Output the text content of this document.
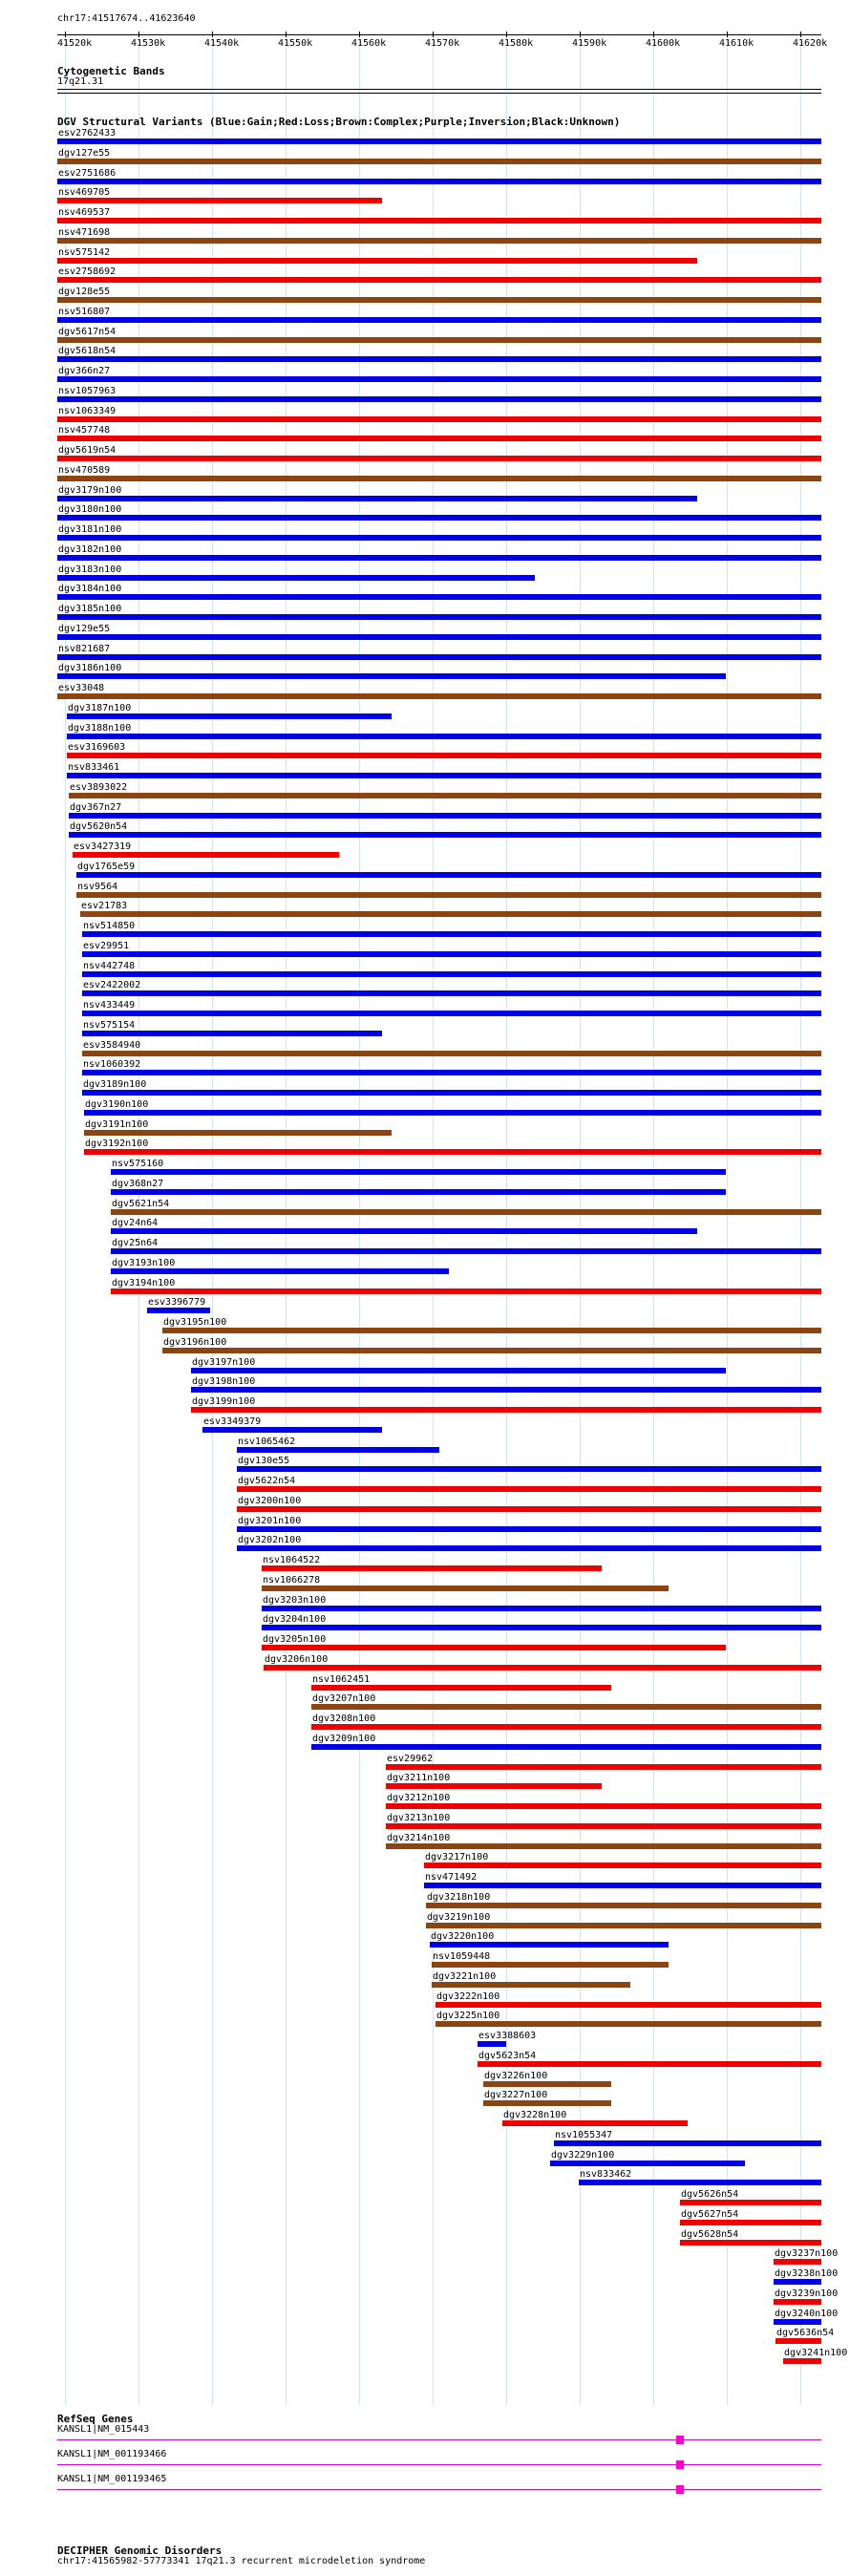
chr17:41517674..41623640
41520k	41530k	41540k	41550k	41560k	41570k	41580k	41590k	41600k	41610k	41620k
Cytogenetic Bands
17q21.31
DGV Structural Variants (Blue:Gain;Red:Loss;Brown:Complex;Purple;Inversion;Black:Unknown)
esv2762433
dgv127e55
esv2751686
nsv469705
nsv469537
nsv471698
nsv575142
esv2758692
dgv128e55
nsv516807
dgv5617n54
dgv5618n54
dgv366n27
nsv1057963
nsv1063349
nsv457748
dgv5619n54
nsv470589
dgv3179n100
dgv3180n100
dgv3181n100
dgv3182n100
dgv3183n100
dgv3184n100
dgv3185n100
dgv129e55
nsv821687
dgv3186n100
esv33048
dgv3187n100
dgv3188n100
esv3169603
nsv833461
esv3893022
dgv367n27
dgv5620n54
esv3427319
dgv1765e59
nsv9564
esv21783
nsv514850
esv29951
nsv442748
esv2422002
nsv433449
nsv575154
esv3584940
nsv1060392
dgv3189n100
dgv3190n100
dgv3191n100
dgv3192n100
nsv575160
dgv368n27
dgv5621n54
dgv24n64
dgv25n64
dgv3193n100
dgv3194n100
esv3396779
dgv3195n100
dgv3196n100
dgv3197n100
dgv3198n100
dgv3199n100
esv3349379
nsv1065462
dgv130e55
dgv5622n54
dgv3200n100
dgv3201n100
dgv3202n100
nsv1064522
nsv1066278
dgv3203n100
dgv3204n100
dgv3205n100
dgv3206n100
nsv1062451
dgv3207n100
dgv3208n100
dgv3209n100
esv29962
dgv3211n100
dgv3212n100
dgv3213n100
dgv3214n100
dgv3217n100
nsv471492
dgv3218n100
dgv3219n100
dgv3220n100
nsv1059448
dgv3221n100
dgv3222n100
dgv3225n100
esv3388603
dgv5623n54
dgv3226n100
dgv3227n100
dgv3228n100
nsv1055347
dgv3229n100
nsv833462
dgv5626n54
dgv5627n54
dgv5628n54
dgv3237n100
dgv3238n100
dgv3239n100
dgv3240n100
dgv5636n54
dgv3241n100
RefSeq Genes
KANSL1|NM_015443
KANSL1|NM_001193466
KANSL1|NM_001193465
DECIPHER Genomic Disorders
chr17:41565982-57773341 17q21.3 recurrent microdeletion syndrome
